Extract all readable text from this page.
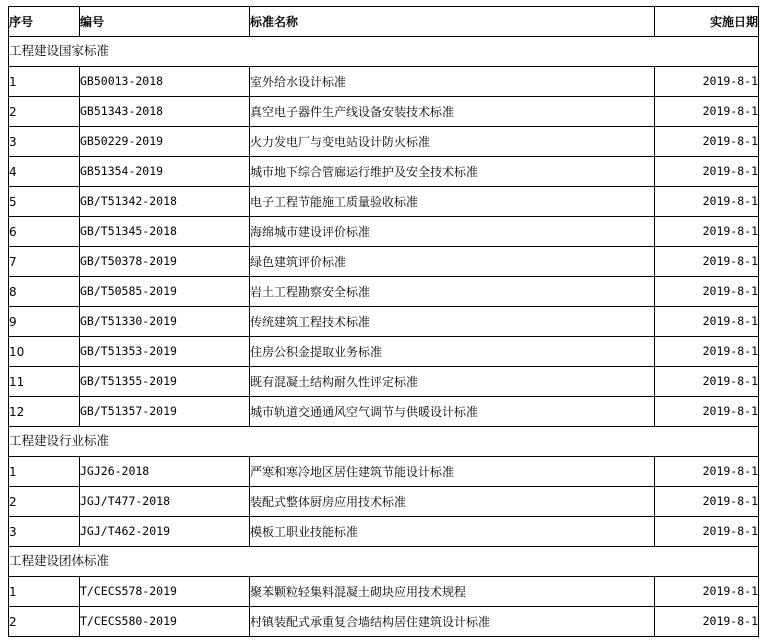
序号	编号	标准名称	实施日期
工程建设国家标准			
1	GB50013-2018	室外给水设计标准	2019-8-1
2	GB51343-2018	真空电子器件生产线设备安装技术标准	2019-8-1
3	GB50229-2019	火力发电厂与变电站设计防火标准	2019-8-1
4	GB51354-2019	城市地下综合管廊运行维护及安全技术标准	2019-8-1
5	GB/T51342-2018	电子工程节能施工质量验收标准	2019-8-1
6	GB/T51345-2018	海绵城市建设评价标准	2019-8-1
7	GB/T50378-2019	绿色建筑评价标准	2019-8-1
8	GB/T50585-2019	岩土工程勘察安全标准	2019-8-1
9	GB/T51330-2019	传统建筑工程技术标准	2019-8-1
10	GB/T51353-2019	住房公积金提取业务标准	2019-8-1
11	GB/T51355-2019	既有混凝土结构耐久性评定标准	2019-8-1
12	GB/T51357-2019	城市轨道交通通风空气调节与供暖设计标准	2019-8-1
工程建设行业标准			
1	JGJ26-2018	严寒和寒冷地区居住建筑节能设计标准	2019-8-1
2	JGJ/T477-2018	装配式整体厨房应用技术标准	2019-8-1
3	JGJ/T462-2019	模板工职业技能标准	2019-8-1
工程建设团体标准			
1	T/CECS578-2019	聚苯颗粒轻集料混凝土砌块应用技术规程	2019-8-1
2	T/CECS580-2019	村镇装配式承重复合墙结构居住建筑设计标准	2019-8-1
